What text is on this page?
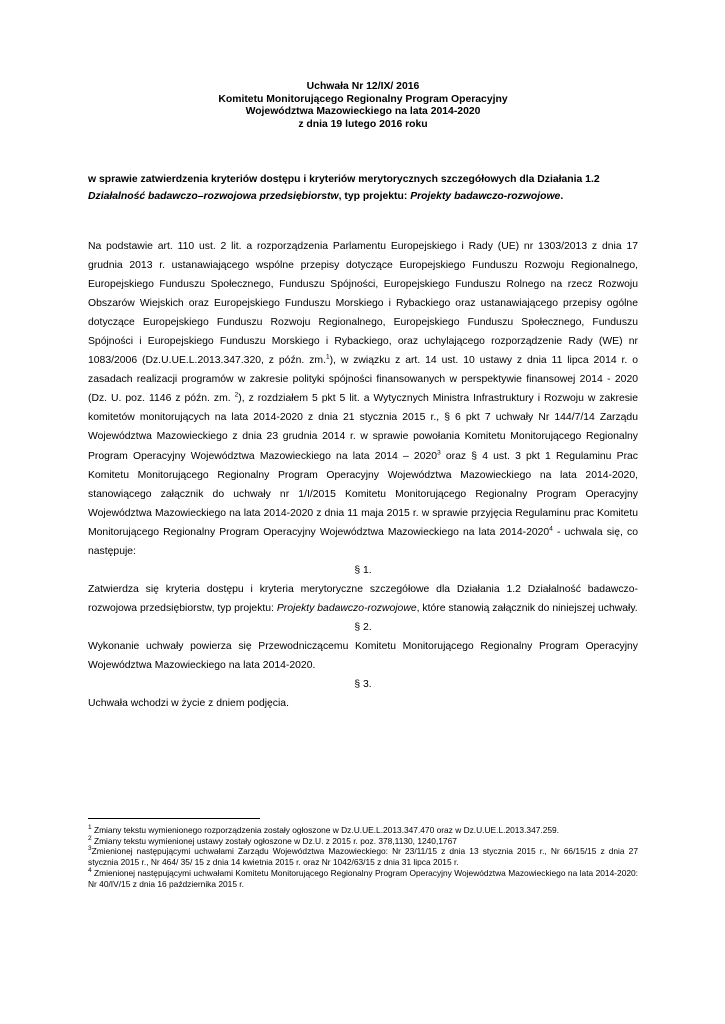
Uchwała Nr 12/IX/ 2016
Komitetu Monitorującego Regionalny Program Operacyjny
Województwa Mazowieckiego na lata 2014-2020
z dnia 19 lutego 2016 roku
w sprawie zatwierdzenia kryteriów dostępu i kryteriów merytorycznych szczegółowych dla Działania 1.2 Działalność badawczo–rozwojowa przedsiębiorstw, typ projektu: Projekty badawczo-rozwojowe.

Na podstawie art. 110 ust. 2 lit. a rozporządzenia Parlamentu Europejskiego i Rady (UE) nr 1303/2013 z dnia 17 grudnia 2013 r. ustanawiającego wspólne przepisy dotyczące Europejskiego Funduszu Rozwoju Regionalnego, Europejskiego Funduszu Społecznego, Funduszu Spójności, Europejskiego Funduszu Rolnego na rzecz Rozwoju Obszarów Wiejskich oraz Europejskiego Funduszu Morskiego i Rybackiego oraz ustanawiającego przepisy ogólne dotyczące Europejskiego Funduszu Rozwoju Regionalnego, Europejskiego Funduszu Społecznego, Funduszu Spójności i Europejskiego Funduszu Morskiego i Rybackiego, oraz uchylającego rozporządzenie Rady (WE) nr 1083/2006 (Dz.U.UE.L.2013.347.320, z późn. zm.$^1$), w związku z art. 14 ust. 10 ustawy z dnia 11 lipca 2014 r. o zasadach realizacji programów w zakresie polityki spójności finansowanych w perspektywie finansowej 2014 - 2020 (Dz. U. poz. 1146 z późn. zm. $^2$), z rozdziałem 5 pkt 5 lit. a Wytycznych Ministra Infrastruktury i Rozwoju w zakresie komitetów monitorujących na lata 2014-2020 z dnia 21 stycznia 2015 r., § 6 pkt 7 uchwały Nr 144/7/14 Zarządu Województwa Mazowieckiego z dnia 23 grudnia 2014 r. w sprawie powołania Komitetu Monitorującego Regionalny Program Operacyjny Województwa Mazowieckiego na lata 2014 – 2020$^3$ oraz § 4 ust. 3 pkt 1 Regulaminu Prac Komitetu Monitorującego Regionalny Program Operacyjny Województwa Mazowieckiego na lata 2014-2020, stanowiącego załącznik do uchwały nr 1/I/2015 Komitetu Monitorującego Regionalny Program Operacyjny Województwa Mazowieckiego na lata 2014-2020 z dnia 11 maja 2015 r. w sprawie przyjęcia Regulaminu prac Komitetu Monitorującego Regionalny Program Operacyjny Województwa Mazowieckiego na lata 2014-2020$^4$ - uchwala się, co następuje:

§ 1.

Zatwierdza się kryteria dostępu i kryteria merytoryczne szczegółowe dla Działania 1.2 Działalność badawczo-rozwojowa przedsiębiorstw, typ projektu: Projekty badawczo-rozwojowe, które stanowią załącznik do niniejszej uchwały.

§ 2.

Wykonanie uchwały powierza się Przewodniczącemu Komitetu Monitorującego Regionalny Program Operacyjny Województwa Mazowieckiego na lata 2014-2020.

§ 3.

Uchwała wchodzi w życie z dniem podjęcia.

$^1$ Zmiany tekstu wymienionego rozporządzenia zostały ogłoszone w Dz.U.UE.L.2013.347.470 oraz w Dz.U.UE.L.2013.347.259.

$^2$ Zmiany tekstu wymienionej ustawy zostały ogłoszone w Dz.U. z 2015 r. poz. 378,1130, 1240,1767

$^3$Zmienionej następującymi uchwałami Zarządu Województwa Mazowieckiego: Nr 23/11/15 z dnia 13 stycznia 2015 r., Nr 66/15/15 z dnia 27 stycznia 2015 r., Nr 464/ 35/ 15 z dnia 14 kwietnia 2015 r. oraz Nr 1042/63/15 z dnia 31 lipca 2015 r.

$^4$ Zmienionej następującymi uchwałami Komitetu Monitorującego Regionalny Program Operacyjny Województwa Mazowieckiego na lata 2014-2020: Nr 40/IV/15 z dnia 16 października 2015 r.
